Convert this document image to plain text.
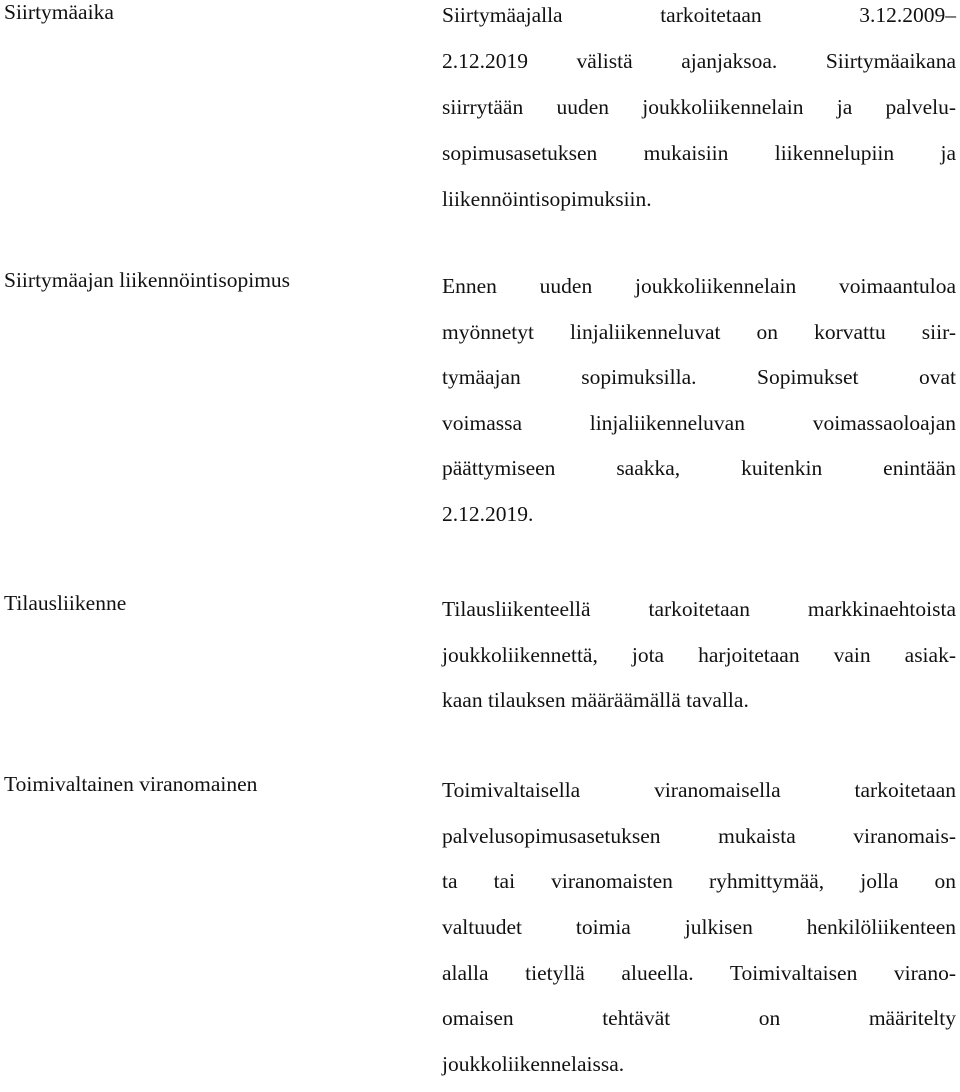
Siirtymäaika	Siirtymäajalla tarkoitetaan 3.12.2009–
2.12.2019 välistä ajanjaksoa. Siirtymäaikana
siirrytään uuden joukkoliikennelain ja palvelu-
sopimusasetuksen mukaisiin liikennelupiin ja
liikennöintisopimuksiin.
Siirtymäajan liikennöintisopimus	Ennen uuden joukkoliikennelain voimaantuloa
myönnetyt linjaliikenneluvat on korvattu siir-
tymäajan sopimuksilla. Sopimukset ovat
voimassa linjaliikenneluvan voimassaoloajan
päättymiseen saakka, kuitenkin enintään
2.12.2019.
Tilausliikenne	Tilausliikenteellä tarkoitetaan markkinaehtoista
joukkoliikennettä, jota harjoitetaan vain asiak-
kaan tilauksen määräämällä tavalla.
Toimivaltainen viranomainen	Toimivaltaisella viranomaisella tarkoitetaan
palvelusopimusasetuksen mukaista viranomais-
ta tai viranomaisten ryhmittymää, jolla on
valtuudet toimia julkisen henkilöliikenteen
alalla tietyllä alueella. Toimivaltaisen virano-
omaisen tehtävät on määritelty
joukkoliikennelaissa.
